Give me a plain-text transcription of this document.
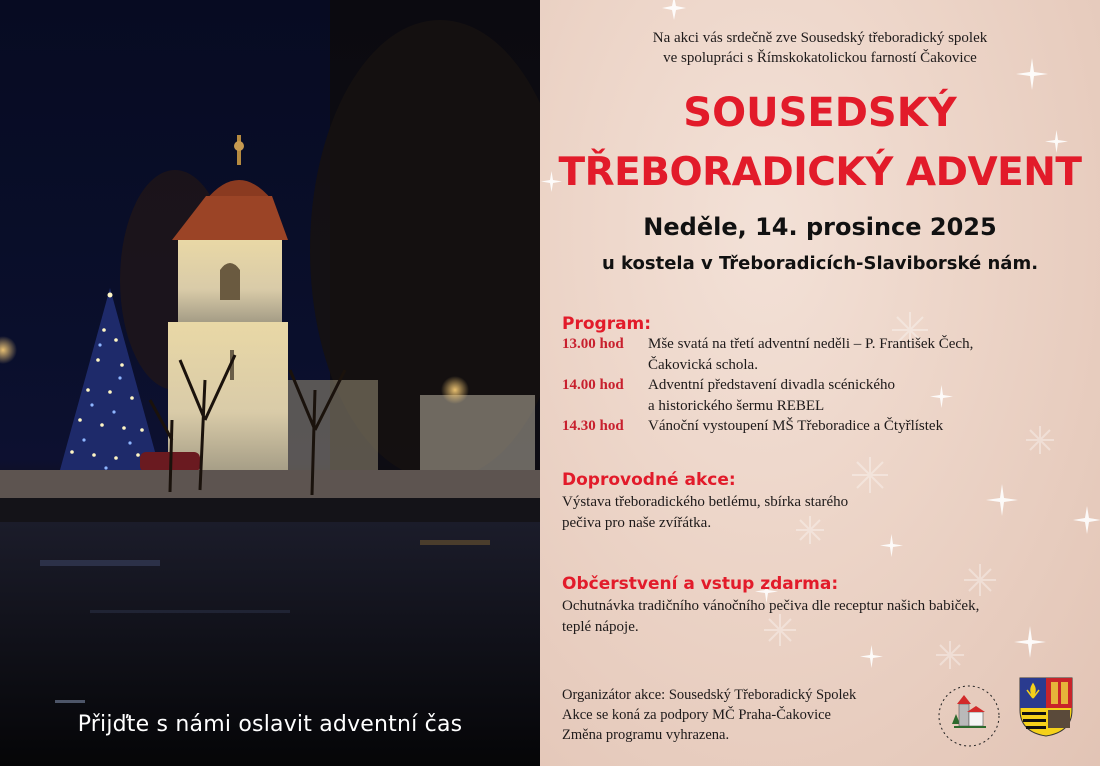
Přijďte s námi oslavit adventní čas
Na akci vás srdečně zve Sousedský třeboradický spolek
ve spolupráci s Římskokatolickou farností Čakovice
SOUSEDSKÝ
TŘEBORADICKÝ ADVENT
Neděle, 14. prosince 2025
u kostela v Třeboradicích-Slaviborské nám.
Program:
13.00 hod	Mše svatá na třetí adventní neděli – P. František Čech,
Čakovická schola.
14.00 hod	Adventní představení divadla scénického
a historického šermu REBEL
14.30 hod	Vánoční vystoupení MŠ Třeboradice a Čtyřlístek
Doprovodné akce:
Výstava třeboradického betlému, sbírka starého
pečiva pro naše zvířátka.
Občerstvení a vstup zdarma:
Ochutnávka tradičního vánočního pečiva dle receptur našich babiček,
teplé nápoje.
Organizátor akce: Sousedský Třeboradický Spolek
Akce se koná za podpory MČ Praha-Čakovice
Změna programu vyhrazena.
